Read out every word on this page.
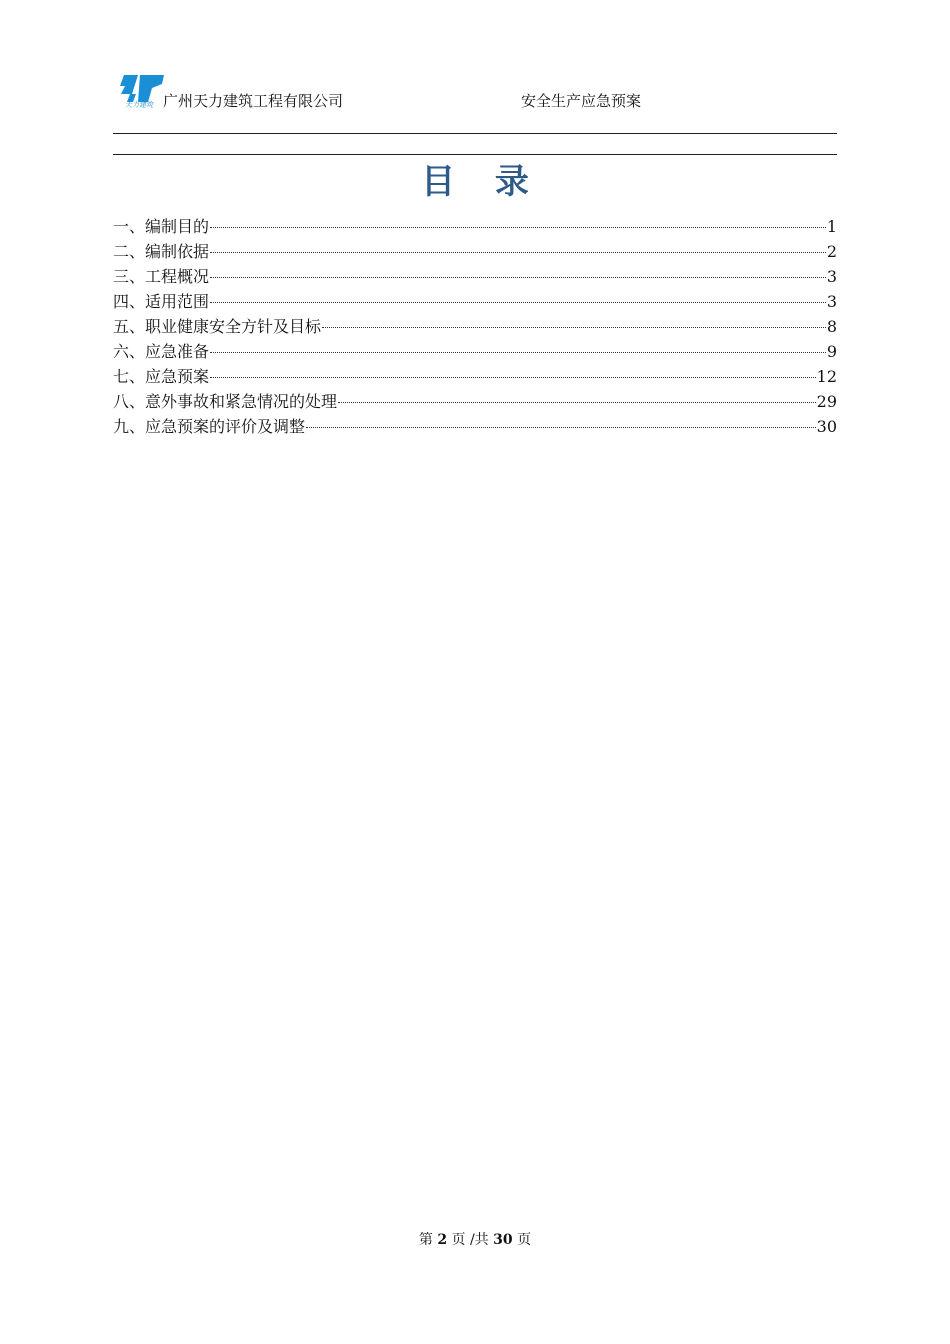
天力建筑 广州天力建筑工程有限公司	安全生产应急预案
目 录
一、编制目的	1
二、编制依据	2
三、工程概况	3
四、适用范围	3
五、职业健康安全方针及目标	8
六、应急准备	9
七、应急预案	12
八、意外事故和紧急情况的处理	29
九、应急预案的评价及调整	30
第 2 页 /共 30 页
